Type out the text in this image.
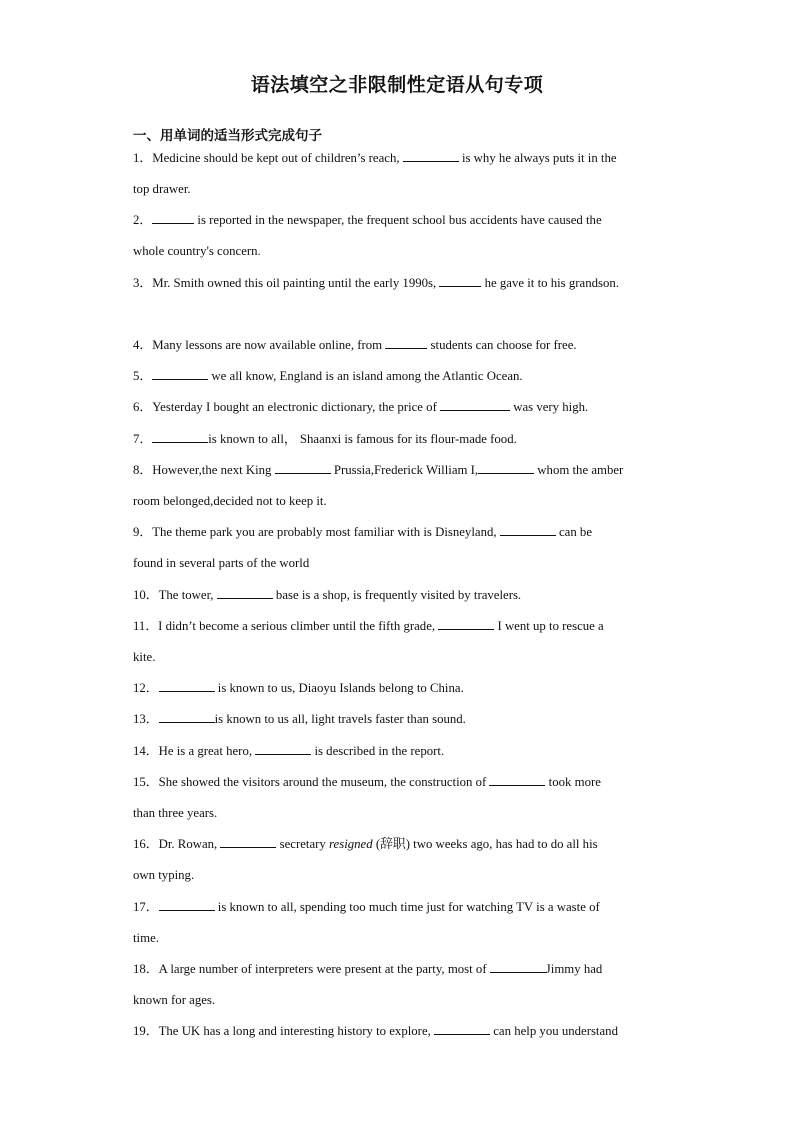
语法填空之非限制性定语从句专项
一、用单词的适当形式完成句子
1．Medicine should be kept out of children’s reach,	is why he always puts it in the
top drawer.
2．	is reported in the newspaper, the frequent school bus accidents have caused the
whole country's concern.
3．Mr. Smith owned this oil painting until the early 1990s,	he gave it to his grandson.
4．Many lessons are now available online, from	students can choose for free.
5．	we all know, England is an island among the Atlantic Ocean.
6．Yesterday I bought an electronic dictionary, the price of	was very high.
7．	is known to all， Shaanxi is famous for its flour-made food.
8．However,the next King	Prussia,Frederick William I,	whom the amber
room belonged,decided not to keep it.
9．The theme park you are probably most familiar with is Disneyland,	can be
found in several parts of the world
10．The tower,	base is a shop, is frequently visited by travelers.
11．I didn’t become a serious climber until the fifth grade,	I went up to rescue a
kite.
12．	is known to us, Diaoyu Islands belong to China.
13．	is known to us all, light travels faster than sound.
14．He is a great hero,	is described in the report.
15．She showed the visitors around the museum, the construction of	took more
than three years.
16．Dr. Rowan,	secretary resigned (辞职) two weeks ago, has had to do all his
own typing.
17．	is known to all, spending too much time just for watching TV is a waste of
time.
18．A large number of interpreters were present at the party, most of	Jimmy had
known for ages.
19．The UK has a long and interesting history to explore,	can help you understand
